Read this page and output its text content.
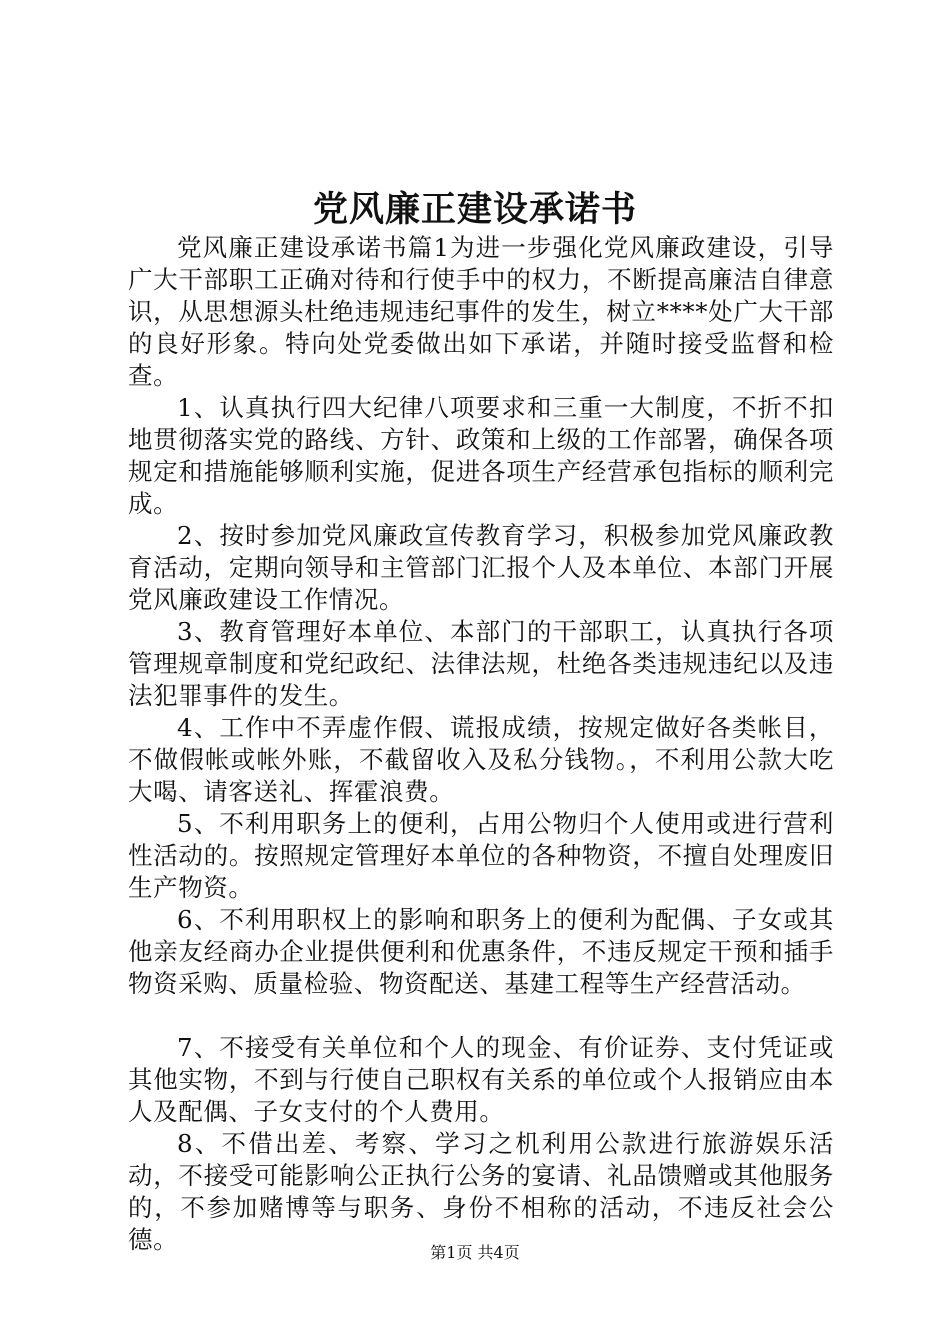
党风廉正建设承诺书

党风廉正建设承诺书篇1为进一步强化党风廉政建设，引导广大干部职工正确对待和行使手中的权力，不断提高廉洁自律意识，从思想源头杜绝违规违纪事件的发生，树立****处广大干部的良好形象。特向处党委做出如下承诺，并随时接受监督和检查。

1、认真执行四大纪律八项要求和三重一大制度，不折不扣地贯彻落实党的路线、方针、政策和上级的工作部署，确保各项规定和措施能够顺利实施，促进各项生产经营承包指标的顺利完成。

2、按时参加党风廉政宣传教育学习，积极参加党风廉政教育活动，定期向领导和主管部门汇报个人及本单位、本部门开展党风廉政建设工作情况。

3、教育管理好本单位、本部门的干部职工，认真执行各项管理规章制度和党纪政纪、法律法规，杜绝各类违规违纪以及违法犯罪事件的发生。

4、工作中不弄虚作假、谎报成绩，按规定做好各类帐目，不做假帐或帐外账，不截留收入及私分钱物。，不利用公款大吃大喝、请客送礼、挥霍浪费。

5、不利用职务上的便利，占用公物归个人使用或进行营利性活动的。按照规定管理好本单位的各种物资，不擅自处理废旧生产物资。

6、不利用职权上的影响和职务上的便利为配偶、子女或其他亲友经商办企业提供便利和优惠条件，不违反规定干预和插手物资采购、质量检验、物资配送、基建工程等生产经营活动。

7、不接受有关单位和个人的现金、有价证券、支付凭证或其他实物，不到与行使自己职权有关系的单位或个人报销应由本人及配偶、子女支付的个人费用。

8、不借出差、考察、学习之机利用公款进行旅游娱乐活动，不接受可能影响公正执行公务的宴请、礼品馈赠或其他服务的，不参加赌博等与职务、身份不相称的活动，不违反社会公德。	第1页 共4页
